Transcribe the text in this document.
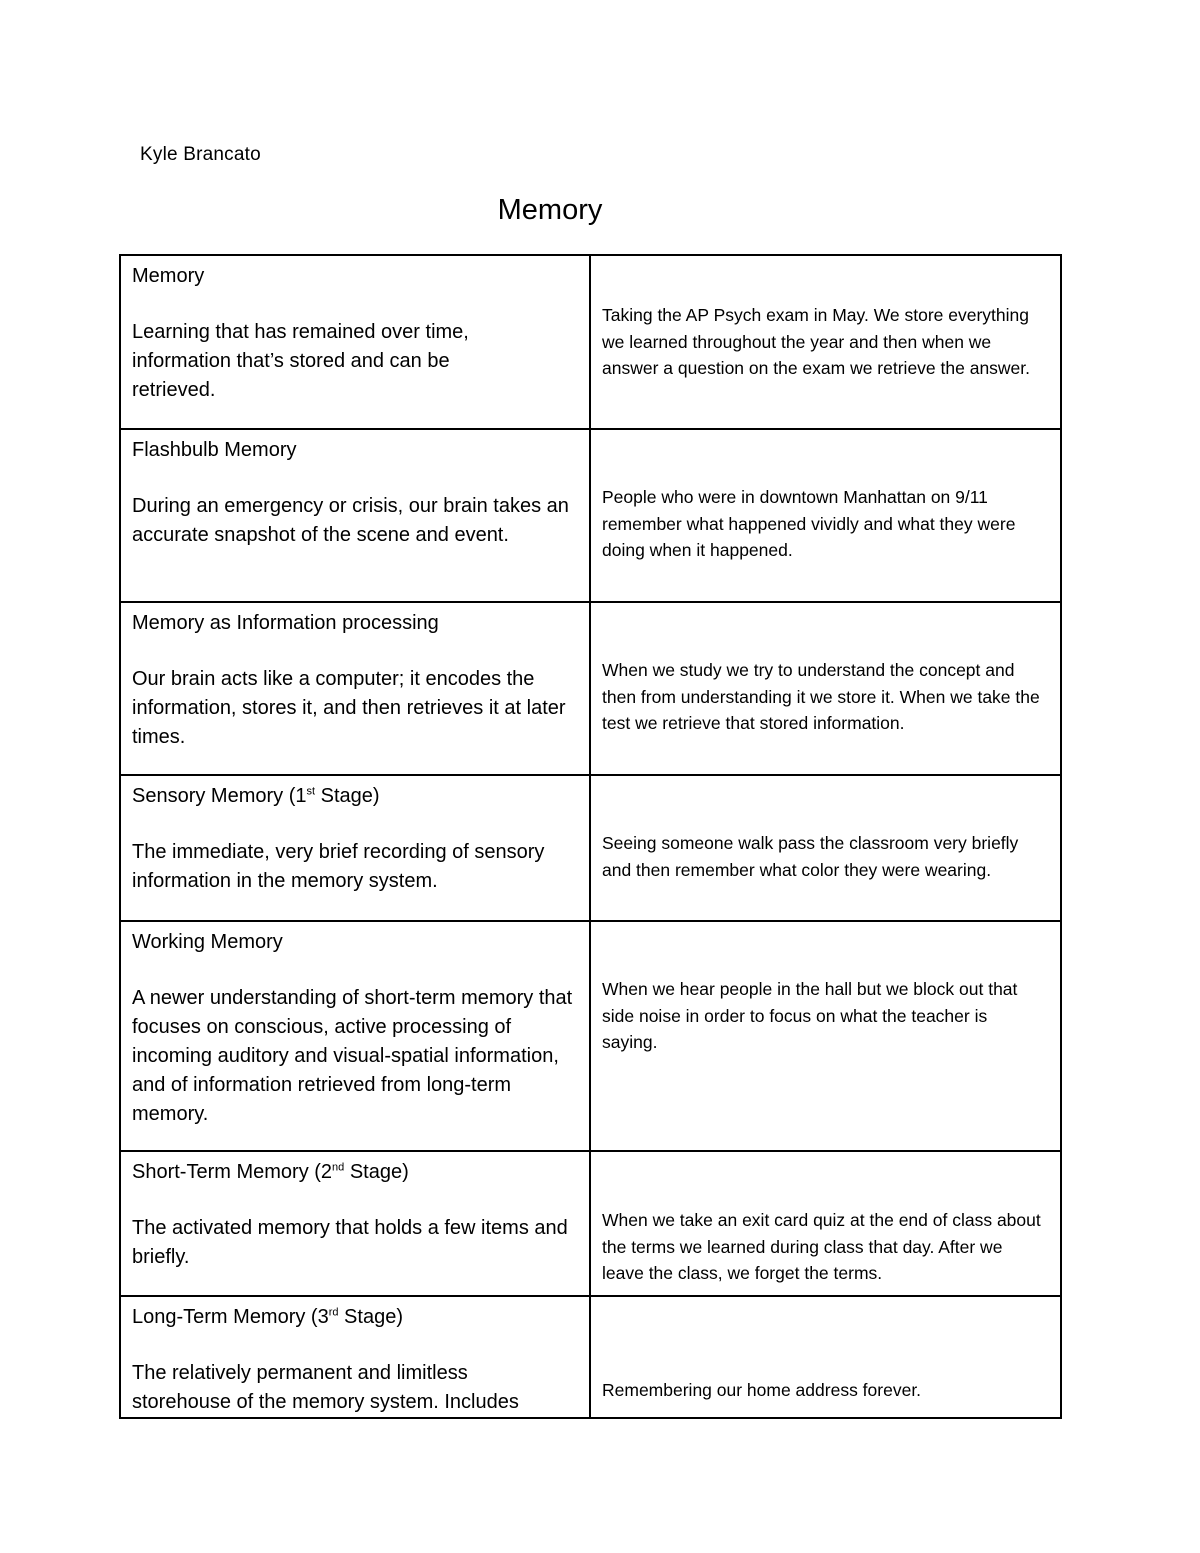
Kyle Brancato
Memory
Memory
Learning that has remained over time, information that’s stored and can be retrieved.	Taking the AP Psych exam in May. We store everything we learned throughout the year and then when we answer a question on the exam we retrieve the answer.

Flashbulb Memory
During an emergency or crisis, our brain takes an accurate snapshot of the scene and event.	People who were in downtown Manhattan on 9/11 remember what happened vividly and what they were doing when it happened.

Memory as Information processing
Our brain acts like a computer; it encodes the information, stores it, and then retrieves it at later times.	When we study we try to understand the concept and then from understanding it we store it. When we take the test we retrieve that stored information.

Sensory Memory (1st Stage)
The immediate, very brief recording of sensory information in the memory system.	Seeing someone walk pass the classroom very briefly and then remember what color they were wearing.

Working Memory
A newer understanding of short-term memory that focuses on conscious, active processing of incoming auditory and visual-spatial information, and of information retrieved from long-term memory.	When we hear people in the hall but we block out that side noise in order to focus on what the teacher is saying.

Short-Term Memory (2nd Stage)
The activated memory that holds a few items and briefly.	When we take an exit card quiz at the end of class about the terms we learned during class that day. After we leave the class, we forget the terms.

Long-Term Memory (3rd Stage)
The relatively permanent and limitless storehouse of the memory system. Includes	Remembering our home address forever.
